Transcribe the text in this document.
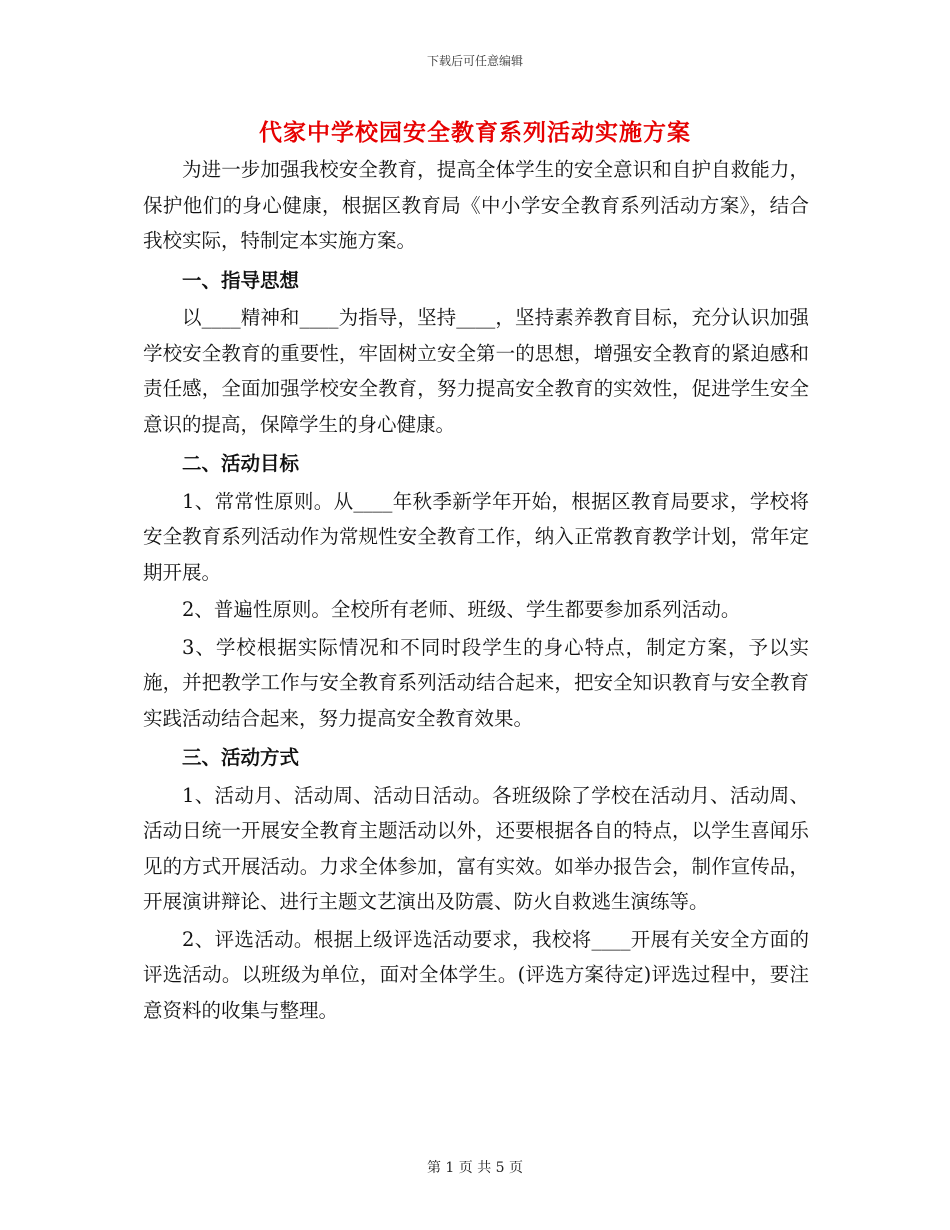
下载后可任意编辑
代家中学校园安全教育系列活动实施方案

为进一步加强我校安全教育，提高全体学生的安全意识和自护自救能力，保护他们的身心健康，根据区教育局《中小学安全教育系列活动方案》，结合我校实际，特制定本实施方案。

一、指导思想

以____精神和____为指导，坚持____，坚持素养教育目标，充分认识加强学校安全教育的重要性，牢固树立安全第一的思想，增强安全教育的紧迫感和责任感，全面加强学校安全教育，努力提高安全教育的实效性，促进学生安全意识的提高，保障学生的身心健康。

二、活动目标

1、常常性原则。从____年秋季新学年开始，根据区教育局要求，学校将安全教育系列活动作为常规性安全教育工作，纳入正常教育教学计划，常年定期开展。

2、普遍性原则。全校所有老师、班级、学生都要参加系列活动。

3、学校根据实际情况和不同时段学生的身心特点，制定方案，予以实施，并把教学工作与安全教育系列活动结合起来，把安全知识教育与安全教育实践活动结合起来，努力提高安全教育效果。

三、活动方式

1、活动月、活动周、活动日活动。各班级除了学校在活动月、活动周、活动日统一开展安全教育主题活动以外，还要根据各自的特点，以学生喜闻乐见的方式开展活动。力求全体参加，富有实效。如举办报告会，制作宣传品，开展演讲辩论、进行主题文艺演出及防震、防火自救逃生演练等。

2、评选活动。根据上级评选活动要求，我校将____开展有关安全方面的评选活动。以班级为单位，面对全体学生。(评选方案待定)评选过程中，要注意资料的收集与整理。

第 1 页 共 5 页
